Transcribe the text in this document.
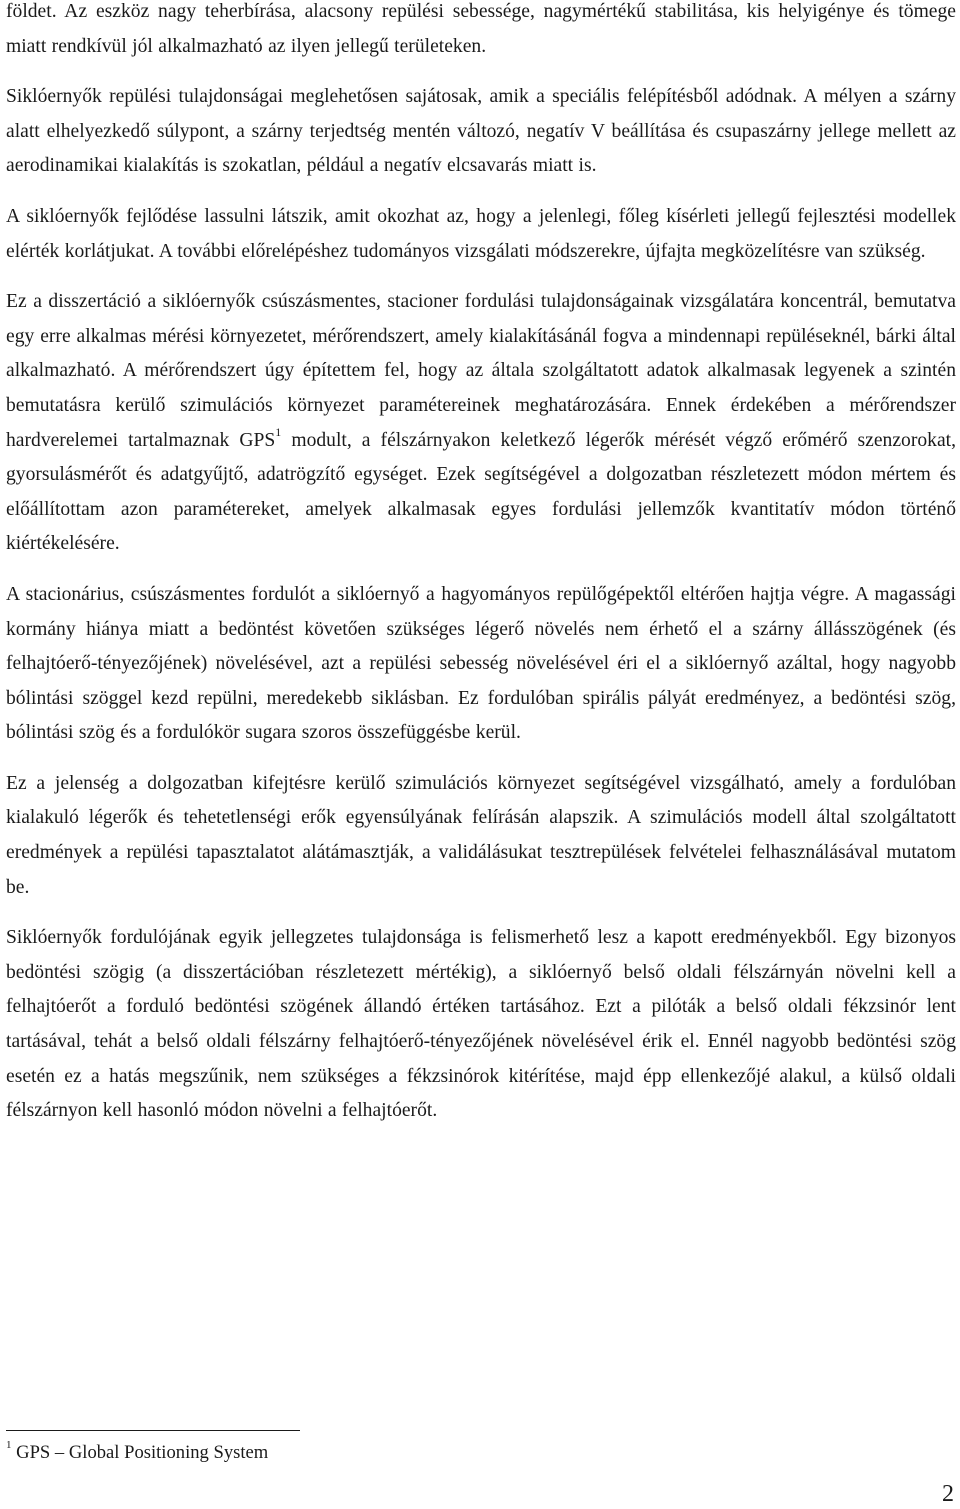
földet. Az eszköz nagy teherbírása, alacsony repülési sebessége, nagymértékű stabilitása, kis helyigénye és tömege miatt rendkívül jól alkalmazható az ilyen jellegű területeken.

Siklóernyők repülési tulajdonságai meglehetősen sajátosak, amik a speciális felépítésből adódnak. A mélyen a szárny alatt elhelyezkedő súlypont, a szárny terjedtség mentén változó, negatív V beállítása és csupaszárny jellege mellett az aerodinamikai kialakítás is szokatlan, például a negatív elcsavarás miatt is.

A siklóernyők fejlődése lassulni látszik, amit okozhat az, hogy a jelenlegi, főleg kísérleti jellegű fejlesztési modellek elérték korlátjukat. A további előrelépéshez tudományos vizsgálati módszerekre, újfajta megközelítésre van szükség.

Ez a disszertáció a siklóernyők csúszásmentes, stacioner fordulási tulajdonságainak vizsgálatára koncentrál, bemutatva egy erre alkalmas mérési környezetet, mérőrendszert, amely kialakításánál fogva a mindennapi repüléseknél, bárki által alkalmazható. A mérőrendszert úgy építettem fel, hogy az általa szolgáltatott adatok alkalmasak legyenek a szintén bemutatásra kerülő szimulációs környezet paramétereinek meghatározására. Ennek érdekében a mérőrendszer hardverelemei tartalmaznak GPS$^1$ modult, a félszárnyakon keletkező légerők mérését végző erőmérő szenzorokat, gyorsulásmérőt és adatgyűjtő, adatrögzítő egységet. Ezek segítségével a dolgozatban részletezett módon mértem és előállítottam azon paramétereket, amelyek alkalmasak egyes fordulási jellemzők kvantitatív módon történő kiértékelésére.

A stacionárius, csúszásmentes fordulót a siklóernyő a hagyományos repülőgépektől eltérően hajtja végre. A magassági kormány hiánya miatt a bedöntést követően szükséges légerő növelés nem érhető el a szárny állásszögének (és felhajtóerő-tényezőjének) növelésével, azt a repülési sebesség növelésével éri el a siklóernyő azáltal, hogy nagyobb bólintási szöggel kezd repülni, meredekebb siklásban. Ez fordulóban spirális pályát eredményez, a bedöntési szög, bólintási szög és a fordulókör sugara szoros összefüggésbe kerül.

Ez a jelenség a dolgozatban kifejtésre kerülő szimulációs környezet segítségével vizsgálható, amely a fordulóban kialakuló légerők és tehetetlenségi erők egyensúlyának felírásán alapszik. A szimulációs modell által szolgáltatott eredmények a repülési tapasztalatot alátámasztják, a validálásukat tesztrepülések felvételei felhasználásával mutatom be.

Siklóernyők fordulójának egyik jellegzetes tulajdonsága is felismerhető lesz a kapott eredményekből. Egy bizonyos bedöntési szögig (a disszertációban részletezett mértékig), a siklóernyő belső oldali félszárnyán növelni kell a felhajtóerőt a forduló bedöntési szögének állandó értéken tartásához. Ezt a pilóták a belső oldali fékzsinór lent tartásával, tehát a belső oldali félszárny felhajtóerő-tényezőjének növelésével érik el. Ennél nagyobb bedöntési szög esetén ez a hatás megszűnik, nem szükséges a fékzsinórok kitérítése, majd épp ellenkezőjé alakul, a külső oldali félszárnyon kell hasonló módon növelni a felhajtóerőt.

$^1$ GPS – Global Positioning System

2
